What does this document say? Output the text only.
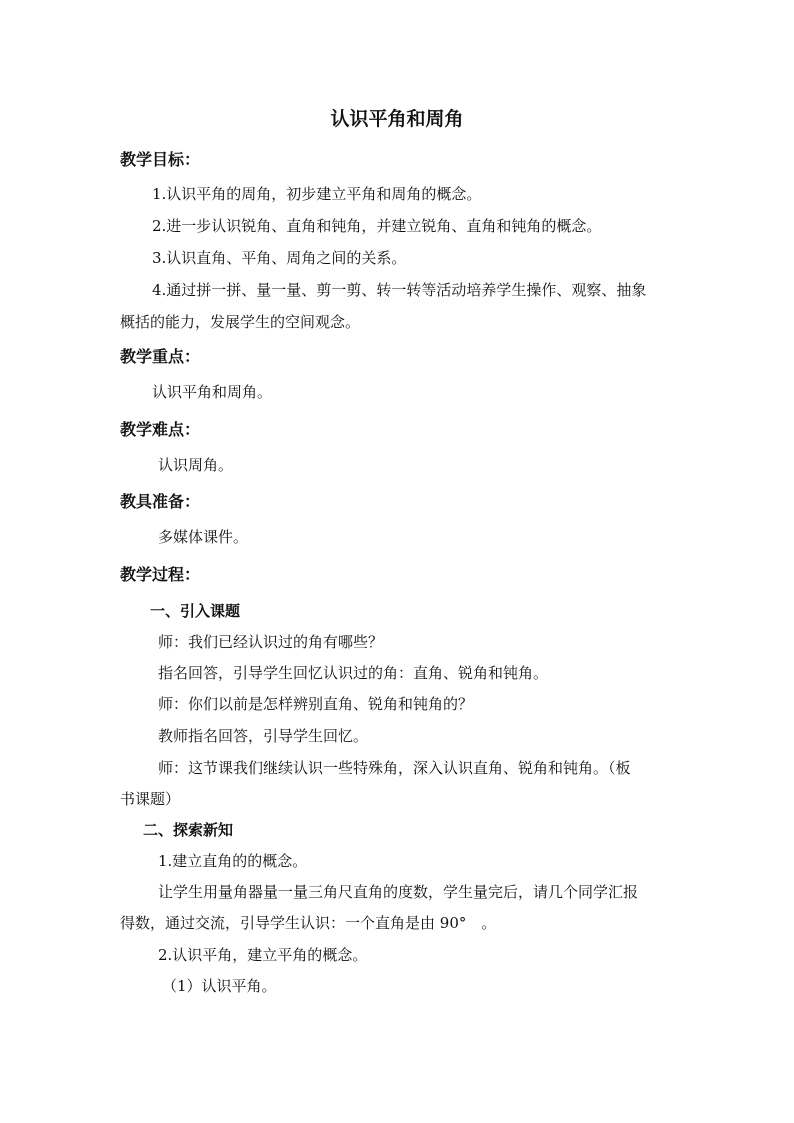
认识平角和周角
教学目标：
1.认识平角的周角，初步建立平角和周角的概念。
2.进一步认识锐角、直角和钝角，并建立锐角、直角和钝角的概念。
3.认识直角、平角、周角之间的关系。
4.通过拼一拼、量一量、剪一剪、转一转等活动培养学生操作、观察、抽象
概括的能力，发展学生的空间观念。
教学重点：
认识平角和周角。
教学难点：
认识周角。
教具准备：
多媒体课件。
教学过程：
一、引入课题
师：我们已经认识过的角有哪些？
指名回答，引导学生回忆认识过的角：直角、锐角和钝角。
师：你们以前是怎样辨别直角、锐角和钝角的？
教师指名回答，引导学生回忆。
师：这节课我们继续认识一些特殊角，深入认识直角、锐角和钝角。（板
书课题）
二、探索新知
1.建立直角的的概念。
让学生用量角器量一量三角尺直角的度数，学生量完后，请几个同学汇报
得数，通过交流，引导学生认识：一个直角是由 90°　。
2.认识平角，建立平角的概念。
（1）认识平角。
